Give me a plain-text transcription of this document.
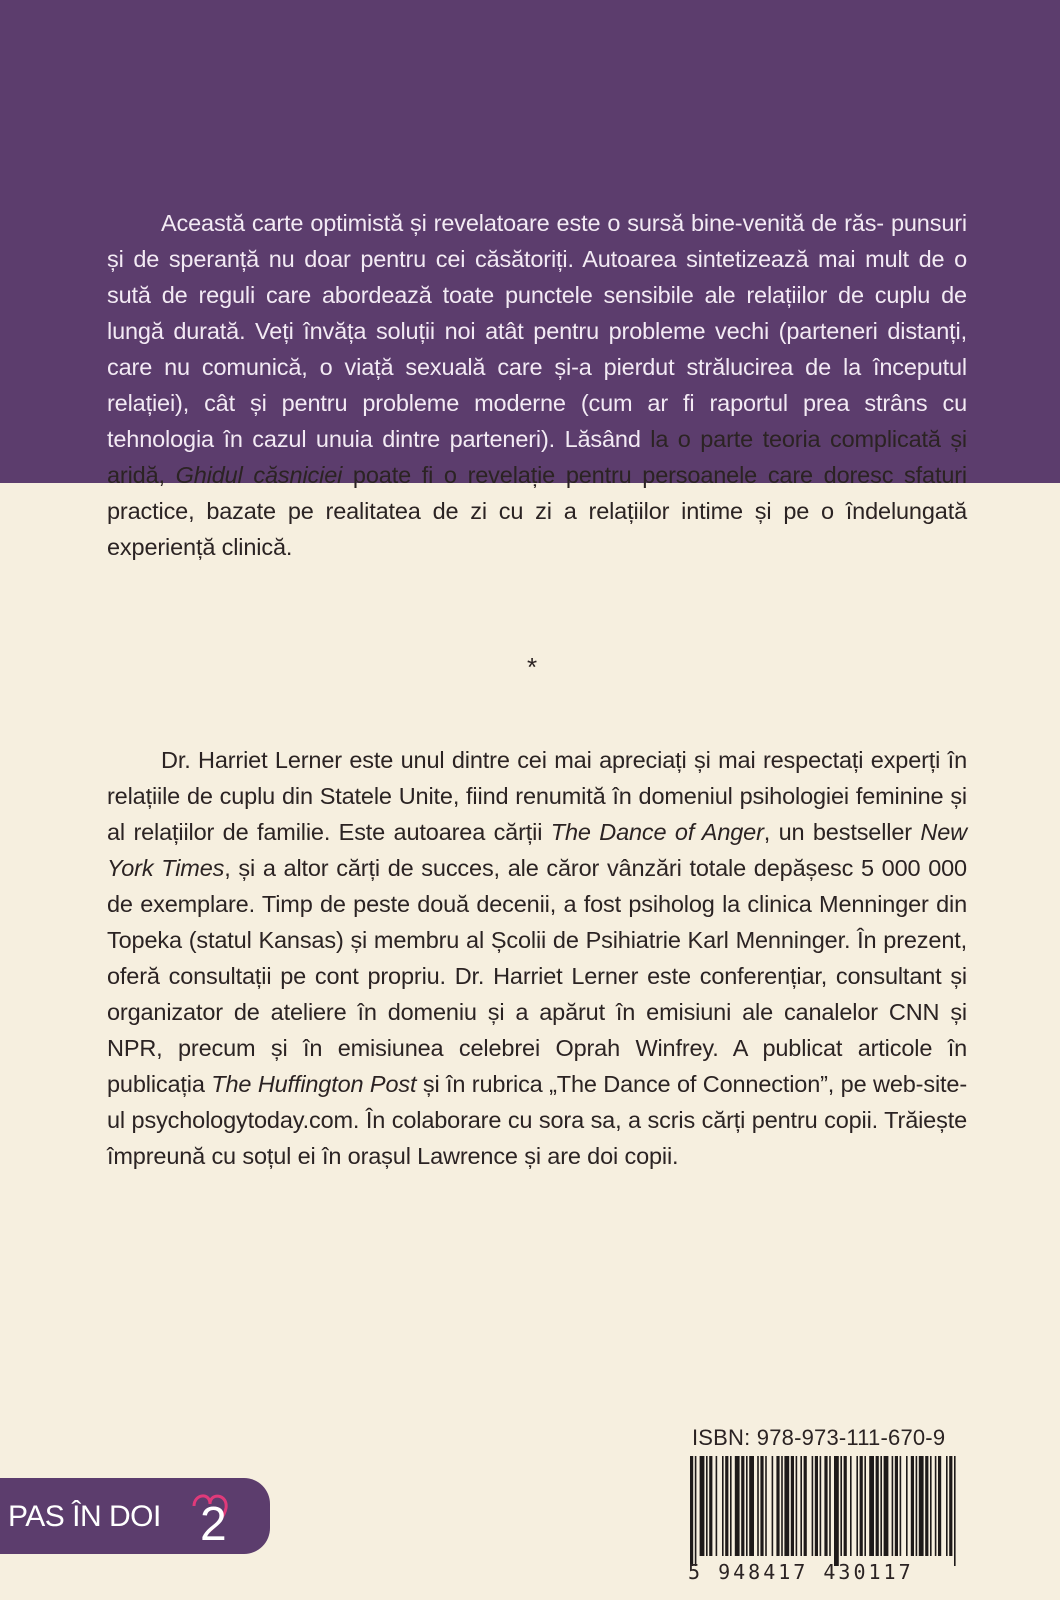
Această carte optimistă și revelatoare este o sursă bine-venită de răs- punsuri și de speranță nu doar pentru cei căsătoriți. Autoarea sintetizează mai mult de o sută de reguli care abordează toate punctele sensibile ale relațiilor de cuplu de lungă durată. Veți învăța soluții noi atât pentru probleme vechi (parteneri distanți, care nu comunică, o viață sexuală care și-a pierdut strălucirea de la începutul relației), cât și pentru probleme moderne (cum ar fi raportul prea strâns cu tehnologia în cazul unuia dintre parteneri). Lăsând la o parte teoria complicată și aridă, Ghidul căsniciei poate fi o revelație pentru persoanele care doresc sfaturi practice, bazate pe realitatea de zi cu zi a relațiilor intime și pe o îndelungată experiență clinică.

*

Dr. Harriet Lerner este unul dintre cei mai apreciați și mai respectați experți în relațiile de cuplu din Statele Unite, fiind renumită în domeniul psihologiei feminine și al relațiilor de familie. Este autoarea cărții The Dance of Anger, un bestseller New York Times, și a altor cărți de succes, ale căror vânzări totale depășesc 5 000 000 de exemplare. Timp de peste două decenii, a fost psiholog la clinica Menninger din Topeka (statul Kansas) și membru al Școlii de Psihiatrie Karl Menninger. În prezent, oferă consultații pe cont propriu. Dr. Harriet Lerner este conferențiar, consultant și organizator de ateliere în domeniu și a apărut în emisiuni ale canalelor CNN și NPR, precum și în emisiunea celebrei Oprah Winfrey. A publicat articole în publicația The Huffington Post și în rubrica „The Dance of Connection”, pe web-site-ul psychologytoday.com. În colaborare cu sora sa, a scris cărți pentru copii. Trăiește împreună cu soțul ei în orașul Lawrence și are doi copii.

ISBN: 978-973-111-670-9
5 948417 430117
PAS ÎN DOI 2
